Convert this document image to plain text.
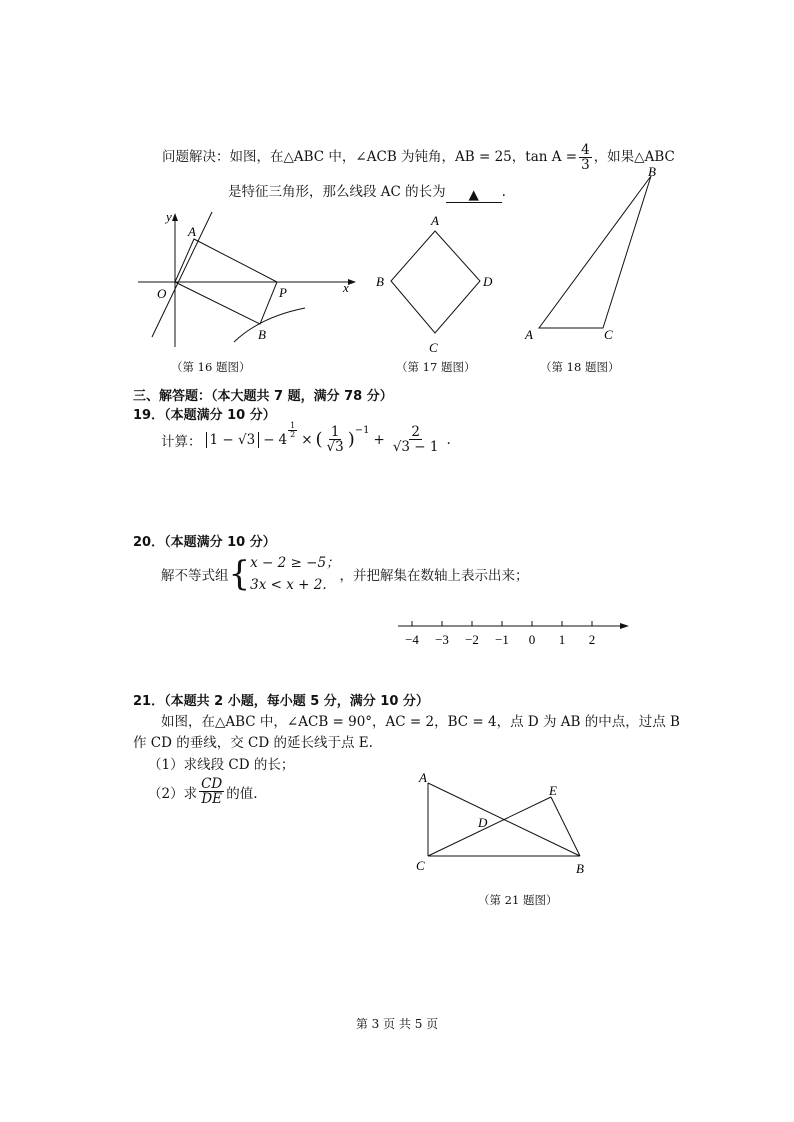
问题解决：如图，在△ABC 中，∠ACB 为钝角，AB = 25，$\tan A = \frac{4}{3}$ ，如果△ABC
是特征三角形，那么线段 AC 的长为 ▲ .
y
x
O
A
P
B
（第 16 题图）
A
B	D
C
（第 17 题图）
A	C
B
（第 18 题图）
三、解答题：（本大题共 7 题，满分 78 分）
19．（本题满分 10 分）
计算： 1 − √3 − 4
$\frac{1}{2}$
× ( $\frac{1}{√3}$ ) −1
+ $\frac{2}{√3 - 1}$ .
20．（本题满分 10 分）
解不等式组 { x − 2 ≥ −5；
3x < x + 2.
，并把解集在数轴上表示出来；
−4 −3 −2 −1 0 1 2
21．（本题共 2 小题，每小题 5 分，满分 10 分）
如图，在△ABC 中，∠ACB = 90°，AC = 2，BC = 4，点 D 为 AB 的中点，过点 B
作 CD 的垂线，交 CD 的延长线于点 E.
（1）求线段 CD 的长；
（2）求 $\frac{CD}{DE}$ 的值.
A
C	B
E
D
（第 21 题图）
第 3 页 共 5 页
